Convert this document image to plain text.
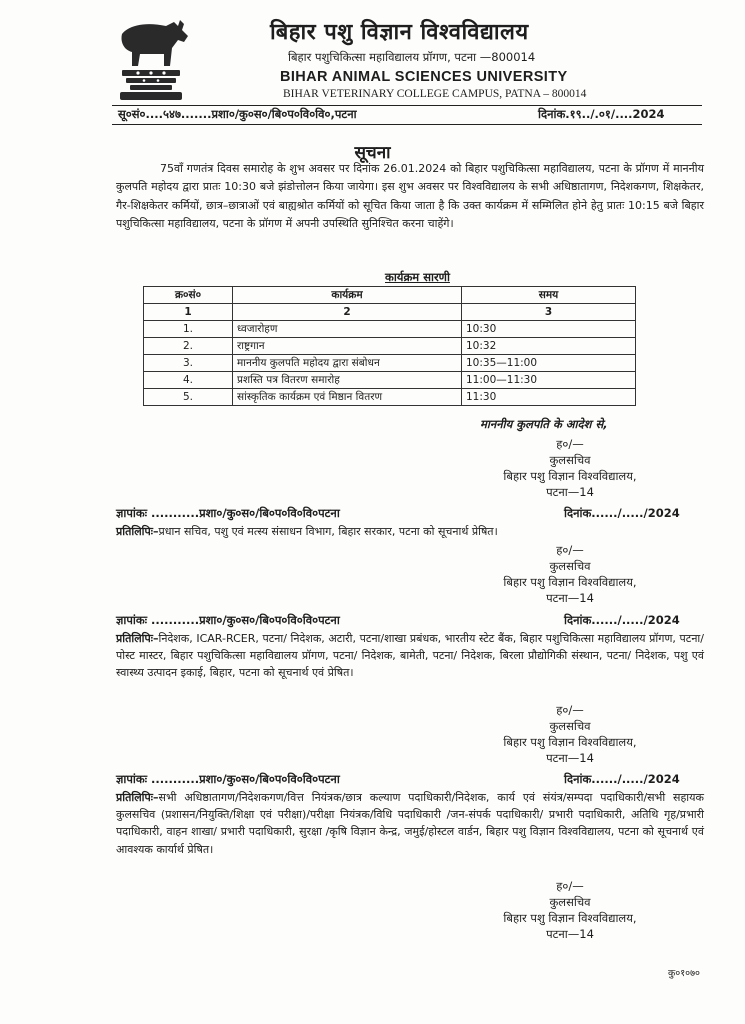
बिहार पशु विज्ञान विश्वविद्यालय
बिहार पशुचिकित्सा महाविद्यालय प्रॉगण, पटना —800014
BIHAR ANIMAL SCIENCES UNIVERSITY
BIHAR VETERINARY COLLEGE CAMPUS, PATNA – 800014
सू०सं०....५४७.......प्रशा०/कु०स०/बि०प०वि०वि०,पटना	दिनांक.१९../.०१/....2024
सूचना
75वाँ गणतंत्र दिवस समारोह के शुभ अवसर पर दिनांक 26.01.2024 को बिहार पशुचिकित्सा महाविद्यालय, पटना के प्रॉगण में माननीय कुलपति महोदय द्वारा प्रातः 10:30 बजे झंडोत्तोलन किया जायेगा। इस शुभ अवसर पर विश्वविद्यालय के सभी अधिष्ठातागण, निदेशकगण, शिक्षकेतर, गैर-शिक्षकेतर कर्मियों, छात्र–छात्राओं एवं बाह्यश्रोत कर्मियों को सूचित किया जाता है कि उक्त कार्यक्रम में सम्मिलित होने हेतु प्रातः 10:15 बजे बिहार पशुचिकित्सा महाविद्यालय, पटना के प्रॉगण में अपनी उपस्थिति सुनिश्चित करना चाहेंगे।
कार्यक्रम सारणी
क्र०सं०	कार्यक्रम	समय
1	2	3
1.	ध्वजारोहण	10:30
2.	राष्ट्रगान	10:32
3.	माननीय कुलपति महोदय द्वारा संबोधन	10:35—11:00
4.	प्रशस्ति पत्र वितरण समारोह	11:00—11:30
5.	सांस्कृतिक कार्यक्रम एवं मिष्ठान वितरण	11:30
माननीय कुलपति के आदेश से,
ह०/—
कुलसचिव
बिहार पशु विज्ञान विश्वविद्यालय,
पटना—14
ज्ञापांकः ...........प्रशा०/कु०स०/बि०प०वि०वि०पटना	दिनांक....../...../2024
प्रतिलिपिः–प्रधान सचिव, पशु एवं मत्स्य संसाधन विभाग, बिहार सरकार, पटना को सूचनार्थ प्रेषित।
ह०/—
कुलसचिव
बिहार पशु विज्ञान विश्वविद्यालय,
पटना—14
ज्ञापांकः ...........प्रशा०/कु०स०/बि०प०वि०वि०पटना	दिनांक....../...../2024
प्रतिलिपिः–निदेशक, ICAR-RCER, पटना/ निदेशक, अटारी, पटना/शाखा प्रबंधक, भारतीय स्टेट बैंक, बिहार पशुचिकित्सा महाविद्यालय प्रॉगण, पटना/पोस्ट मास्टर, बिहार पशुचिकित्सा महाविद्यालय प्रॉगण, पटना/ निदेशक, बामेती, पटना/ निदेशक, बिरला प्रौद्योगिकी संस्थान, पटना/ निदेशक, पशु एवं स्वास्थ्य उत्पादन इकाई, बिहार, पटना को सूचनार्थ एवं प्रेषित।
ह०/—
कुलसचिव
बिहार पशु विज्ञान विश्वविद्यालय,
पटना—14
ज्ञापांकः ...........प्रशा०/कु०स०/बि०प०वि०वि०पटना	दिनांक....../...../2024
प्रतिलिपिः–सभी अधिष्ठातागण/निदेशकगण/वित्त नियंत्रक/छात्र कल्याण पदाधिकारी/निदेशक, कार्य एवं संयंत्र/सम्पदा पदाधिकारी/सभी सहायक कुलसचिव (प्रशासन/नियुक्ति/शिक्षा एवं परीक्षा)/परीक्षा नियंत्रक/विधि पदाधिकारी /जन-संपर्क पदाधिकारी/ प्रभारी पदाधिकारी, अतिथि गृह/प्रभारी पदाधिकारी, वाहन शाखा/ प्रभारी पदाधिकारी, सुरक्षा /कृषि विज्ञान केन्द्र, जमुई/होस्टल वार्डन, बिहार पशु विज्ञान विश्वविद्यालय, पटना को सूचनार्थ एवं आवश्यक कार्यार्थ प्रेषित।
ह०/—
कुलसचिव
बिहार पशु विज्ञान विश्वविद्यालय,
पटना—14
कु०१०७०
